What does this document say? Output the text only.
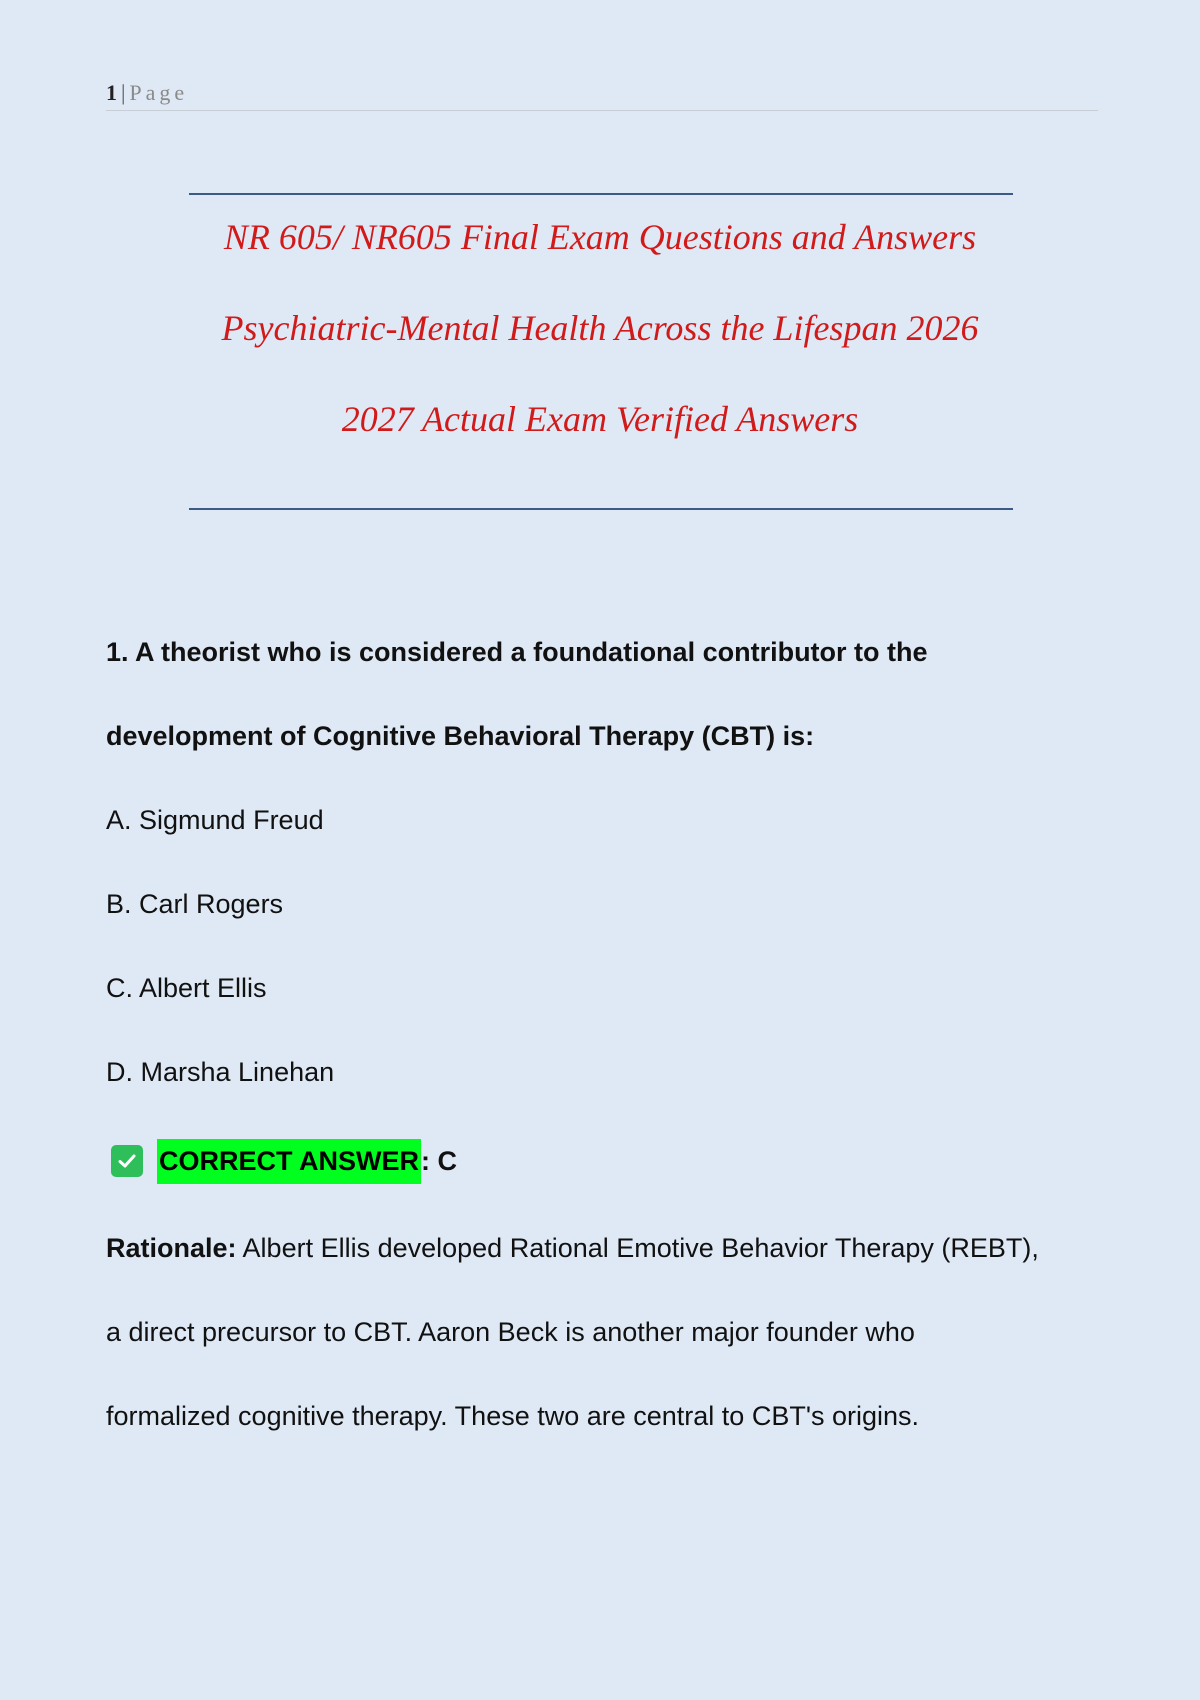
1 | Page
NR 605/ NR605 Final Exam Questions and Answers
Psychiatric-Mental Health Across the Lifespan 2026
2027 Actual Exam Verified Answers
1. A theorist who is considered a foundational contributor to the
development of Cognitive Behavioral Therapy (CBT) is:
A. Sigmund Freud
B. Carl Rogers
C. Albert Ellis
D. Marsha Linehan
CORRECT ANSWER : C
Rationale: Albert Ellis developed Rational Emotive Behavior Therapy (REBT),
a direct precursor to CBT. Aaron Beck is another major founder who
formalized cognitive therapy. These two are central to CBT's origins.
